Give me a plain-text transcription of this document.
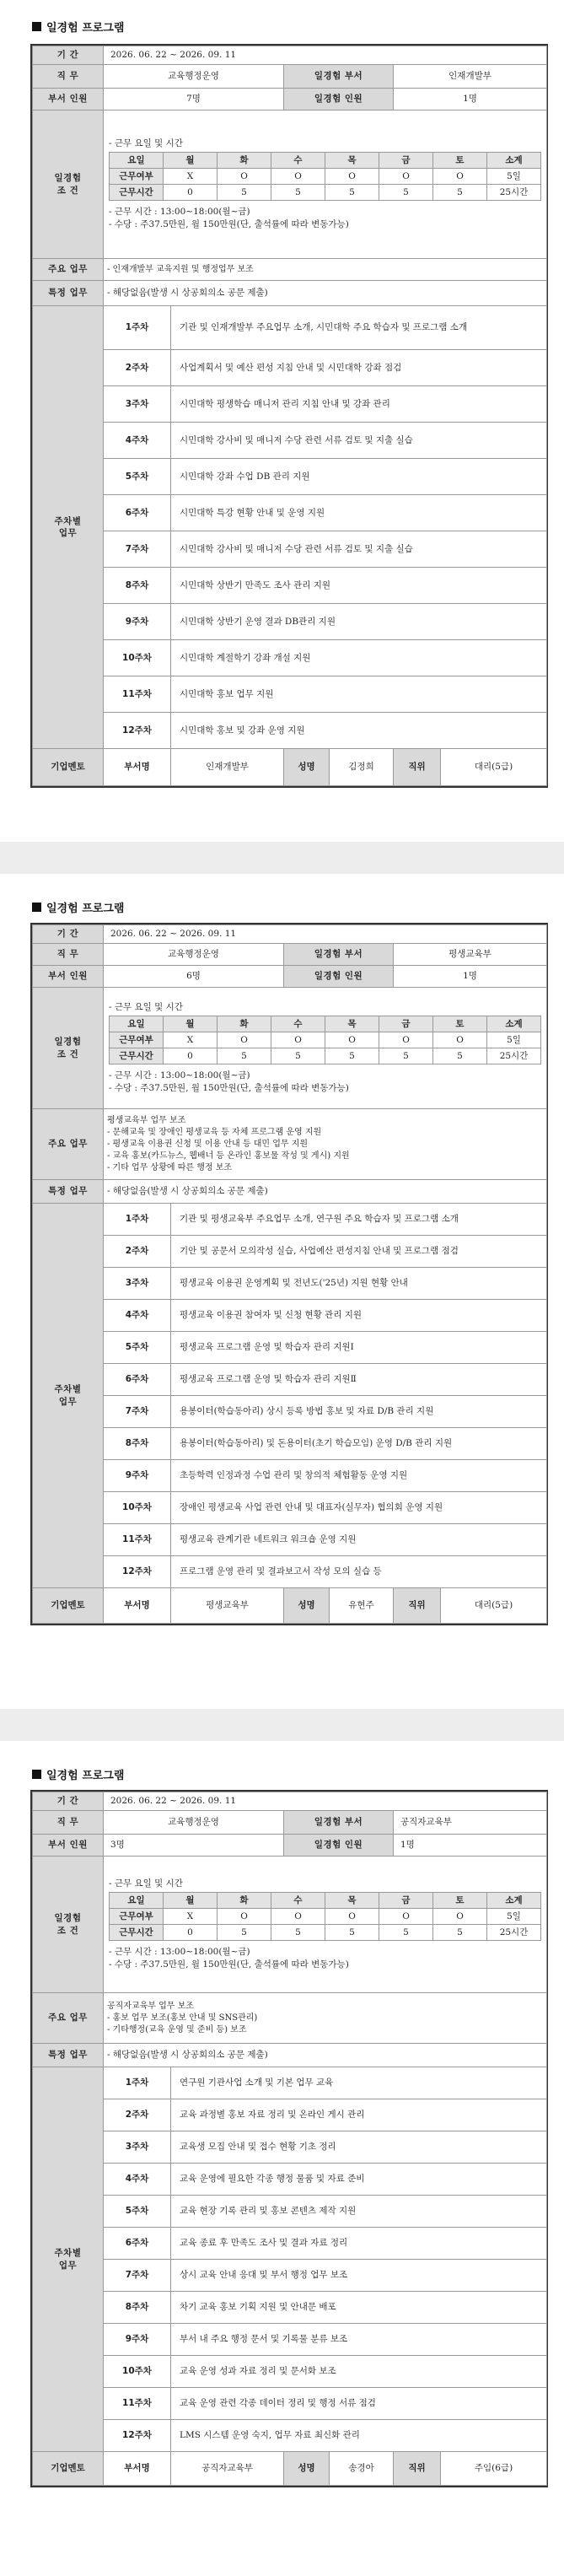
일경험 프로그램
기 간	2026. 06. 22 ~ 2026. 09. 11
직 무	교육행정운영	일경험 부서	인재개발부
부서 인원	7명	일경험 인원	1명
일경험
조 건	
- 근무 요일 및 시간
요일	월	화	수	목	금	토	소계
근무여부	X	O	O	O	O	O	5일
근무시간	0	5	5	5	5	5	25시간
- 근무 시간 : 13:00~18:00(월~금)
- 수당 : 주37.5만원, 월 150만원(단, 출석률에 따라 변동가능)

주요 업무	- 인재개발부 교육지원 및 행정업무 보조

특정 업무	- 해당없음(발생 시 상공회의소 공문 제출)
주차별
업무	1주차	기관 및 인재개발부 주요업무 소개, 시민대학 주요 학습자 및 프로그램 소개
2주차	사업계획서 및 예산 편성 지침 안내 및 시민대학 강좌 점검
3주차	시민대학 평생학습 매니저 관리 지침 안내 및 강좌 관리
4주차	시민대학 강사비 및 매니저 수당 관련 서류 검토 및 지출 실습
5주차	시민대학 강좌 수업 DB 관리 지원
6주차	시민대학 특강 현황 안내 및 운영 지원
7주차	시민대학 강사비 및 매니저 수당 관련 서류 검토 및 지출 실습
8주차	시민대학 상반기 만족도 조사 관리 지원
9주차	시민대학 상반기 운영 결과 DB관리 지원
10주차	시민대학 계절학기 강좌 개설 지원
11주차	시민대학 홍보 업무 지원
12주차	시민대학 홍보 및 강좌 운영 지원
기업멘토	부서명	인재개발부	성명	김정희	직위	대리(5급)
일경험 프로그램
기 간	2026. 06. 22 ~ 2026. 09. 11
직 무	교육행정운영	일경험 부서	평생교육부
부서 인원	6명	일경험 인원	1명
일경험
조 건	
- 근무 요일 및 시간
요일	월	화	수	목	금	토	소계
근무여부	X	O	O	O	O	O	5일
근무시간	0	5	5	5	5	5	25시간
- 근무 시간 : 13:00~18:00(월~금)
- 수당 : 주37.5만원, 월 150만원(단, 출석률에 따라 변동가능)

주요 업무	
평생교육부 업무 보조
- 문해교육 및 장애인 평생교육 등 자체 프로그램 운영 지원
- 평생교육 이용권 신청 및 이용 안내 등 대민 업무 지원
- 교육 홍보(카드뉴스, 웹배너 등 온라인 홍보물 작성 및 게시) 지원
- 기타 업무 상황에 따른 행정 보조

특정 업무	- 해당없음(발생 시 상공회의소 공문 제출)
주차별
업무	1주차	기관 및 평생교육부 주요업무 소개, 연구원 주요 학습자 및 프로그램 소개
2주차	기안 및 공문서 모의작성 실습, 사업예산 편성지침 안내 및 프로그램 점검
3주차	평생교육 이용권 운영계획 및 전년도('25년) 지원 현황 안내
4주차	평생교육 이용권 참여자 및 신청 현황 관리 지원
5주차	평생교육 프로그램 운영 및 학습자 관리 지원Ⅰ
6주차	평생교육 프로그램 운영 및 학습자 관리 지원Ⅱ
7주차	용봉이터(학습동아리) 상시 등록 방법 홍보 및 자료 D/B 관리 지원
8주차	용봉이터(학습동아리) 및 돈용이터(초기 학습모임) 운영 D/B 관리 지원
9주차	초등학력 인정과정 수업 관리 및 창의적 체험활동 운영 지원
10주차	장애인 평생교육 사업 관련 안내 및 대표자(실무자) 협의회 운영 지원
11주차	평생교육 관계기관 네트워크 워크숍 운영 지원
12주차	프로그램 운영 관리 및 결과보고서 작성 모의 실습 등
기업멘토	부서명	평생교육부	성명	유현주	직위	대리(5급)
일경험 프로그램
기 간	2026. 06. 22 ~ 2026. 09. 11
직 무	교육행정운영	일경험 부서	공직자교육부
부서 인원	3명	일경험 인원	1명
일경험
조 건	
- 근무 요일 및 시간
요일	월	화	수	목	금	토	소계
근무여부	X	O	O	O	O	O	5일
근무시간	0	5	5	5	5	5	25시간
- 근무 시간 : 13:00~18:00(월~금)
- 수당 : 주37.5만원, 월 150만원(단, 출석률에 따라 변동가능)

주요 업무	
공직자교육부 업무 보조
- 홍보 업무 보조(홍보 안내 및 SNS관리)
- 기타행정(교육 운영 및 준비 등) 보조

특정 업무	- 해당없음(발생 시 상공회의소 공문 제출)
주차별
업무	1주차	연구원 기관사업 소개 및 기본 업무 교육
2주차	교육 과정별 홍보 자료 정리 및 온라인 게시 관리
3주차	교육생 모집 안내 및 접수 현황 기초 정리
4주차	교육 운영에 필요한 각종 행정 물품 및 자료 준비
5주차	교육 현장 기록 관리 및 홍보 콘텐츠 제작 지원
6주차	교육 종료 후 만족도 조사 및 결과 자료 정리
7주차	상시 교육 안내 응대 및 부서 행정 업무 보조
8주차	차기 교육 홍보 기획 지원 및 안내문 배포
9주차	부서 내 주요 행정 문서 및 기록물 분류 보조
10주차	교육 운영 성과 자료 정리 및 문서화 보조
11주차	교육 운영 관련 각종 데이터 정리 및 행정 서류 점검
12주차	LMS 시스템 운영 숙지, 업무 자료 최신화 관리
기업멘토	부서명	공직자교육부	성명	송경아	직위	주임(6급)
